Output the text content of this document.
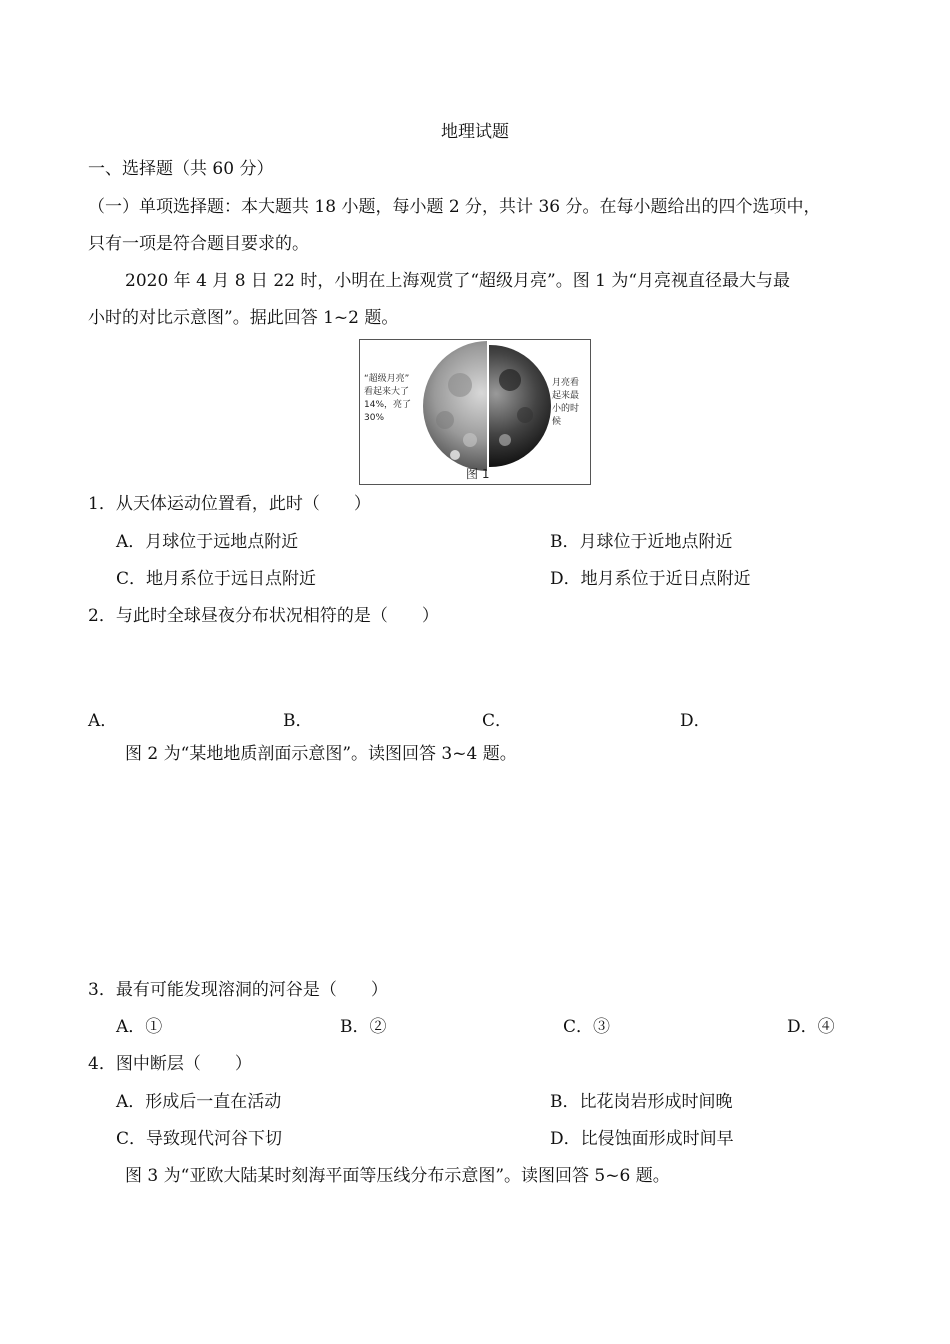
地理试题
一、选择题（共 60 分）
（一）单项选择题：本大题共 18 小题，每小题 2 分，共计 36 分。在每小题给出的四个选项中，
只有一项是符合题目要求的。
2020 年 4 月 8 日 22 时，小明在上海观赏了“超级月亮”。图 1 为“月亮视直径最大与最
小时的对比示意图”。据此回答 1~2 题。
“超级月亮”
看起来大了
14%，亮了
30%
月亮看
起来最
小的时
候
图 1
1．从天体运动位置看，此时（　　）
A．月球位于远地点附近	B．月球位于近地点附近
C．地月系位于远日点附近	D．地月系位于近日点附近
2．与此时全球昼夜分布状况相符的是（　　）
A．	B．	C．	D．
图 2 为“某地地质剖面示意图”。读图回答 3~4 题。
3．最有可能发现溶洞的河谷是（　　）
A．①	B．②	C．③	D．④
4．图中断层（　　）
A．形成后一直在活动	B．比花岗岩形成时间晚
C．导致现代河谷下切	D．比侵蚀面形成时间早
图 3 为“亚欧大陆某时刻海平面等压线分布示意图”。读图回答 5~6 题。
